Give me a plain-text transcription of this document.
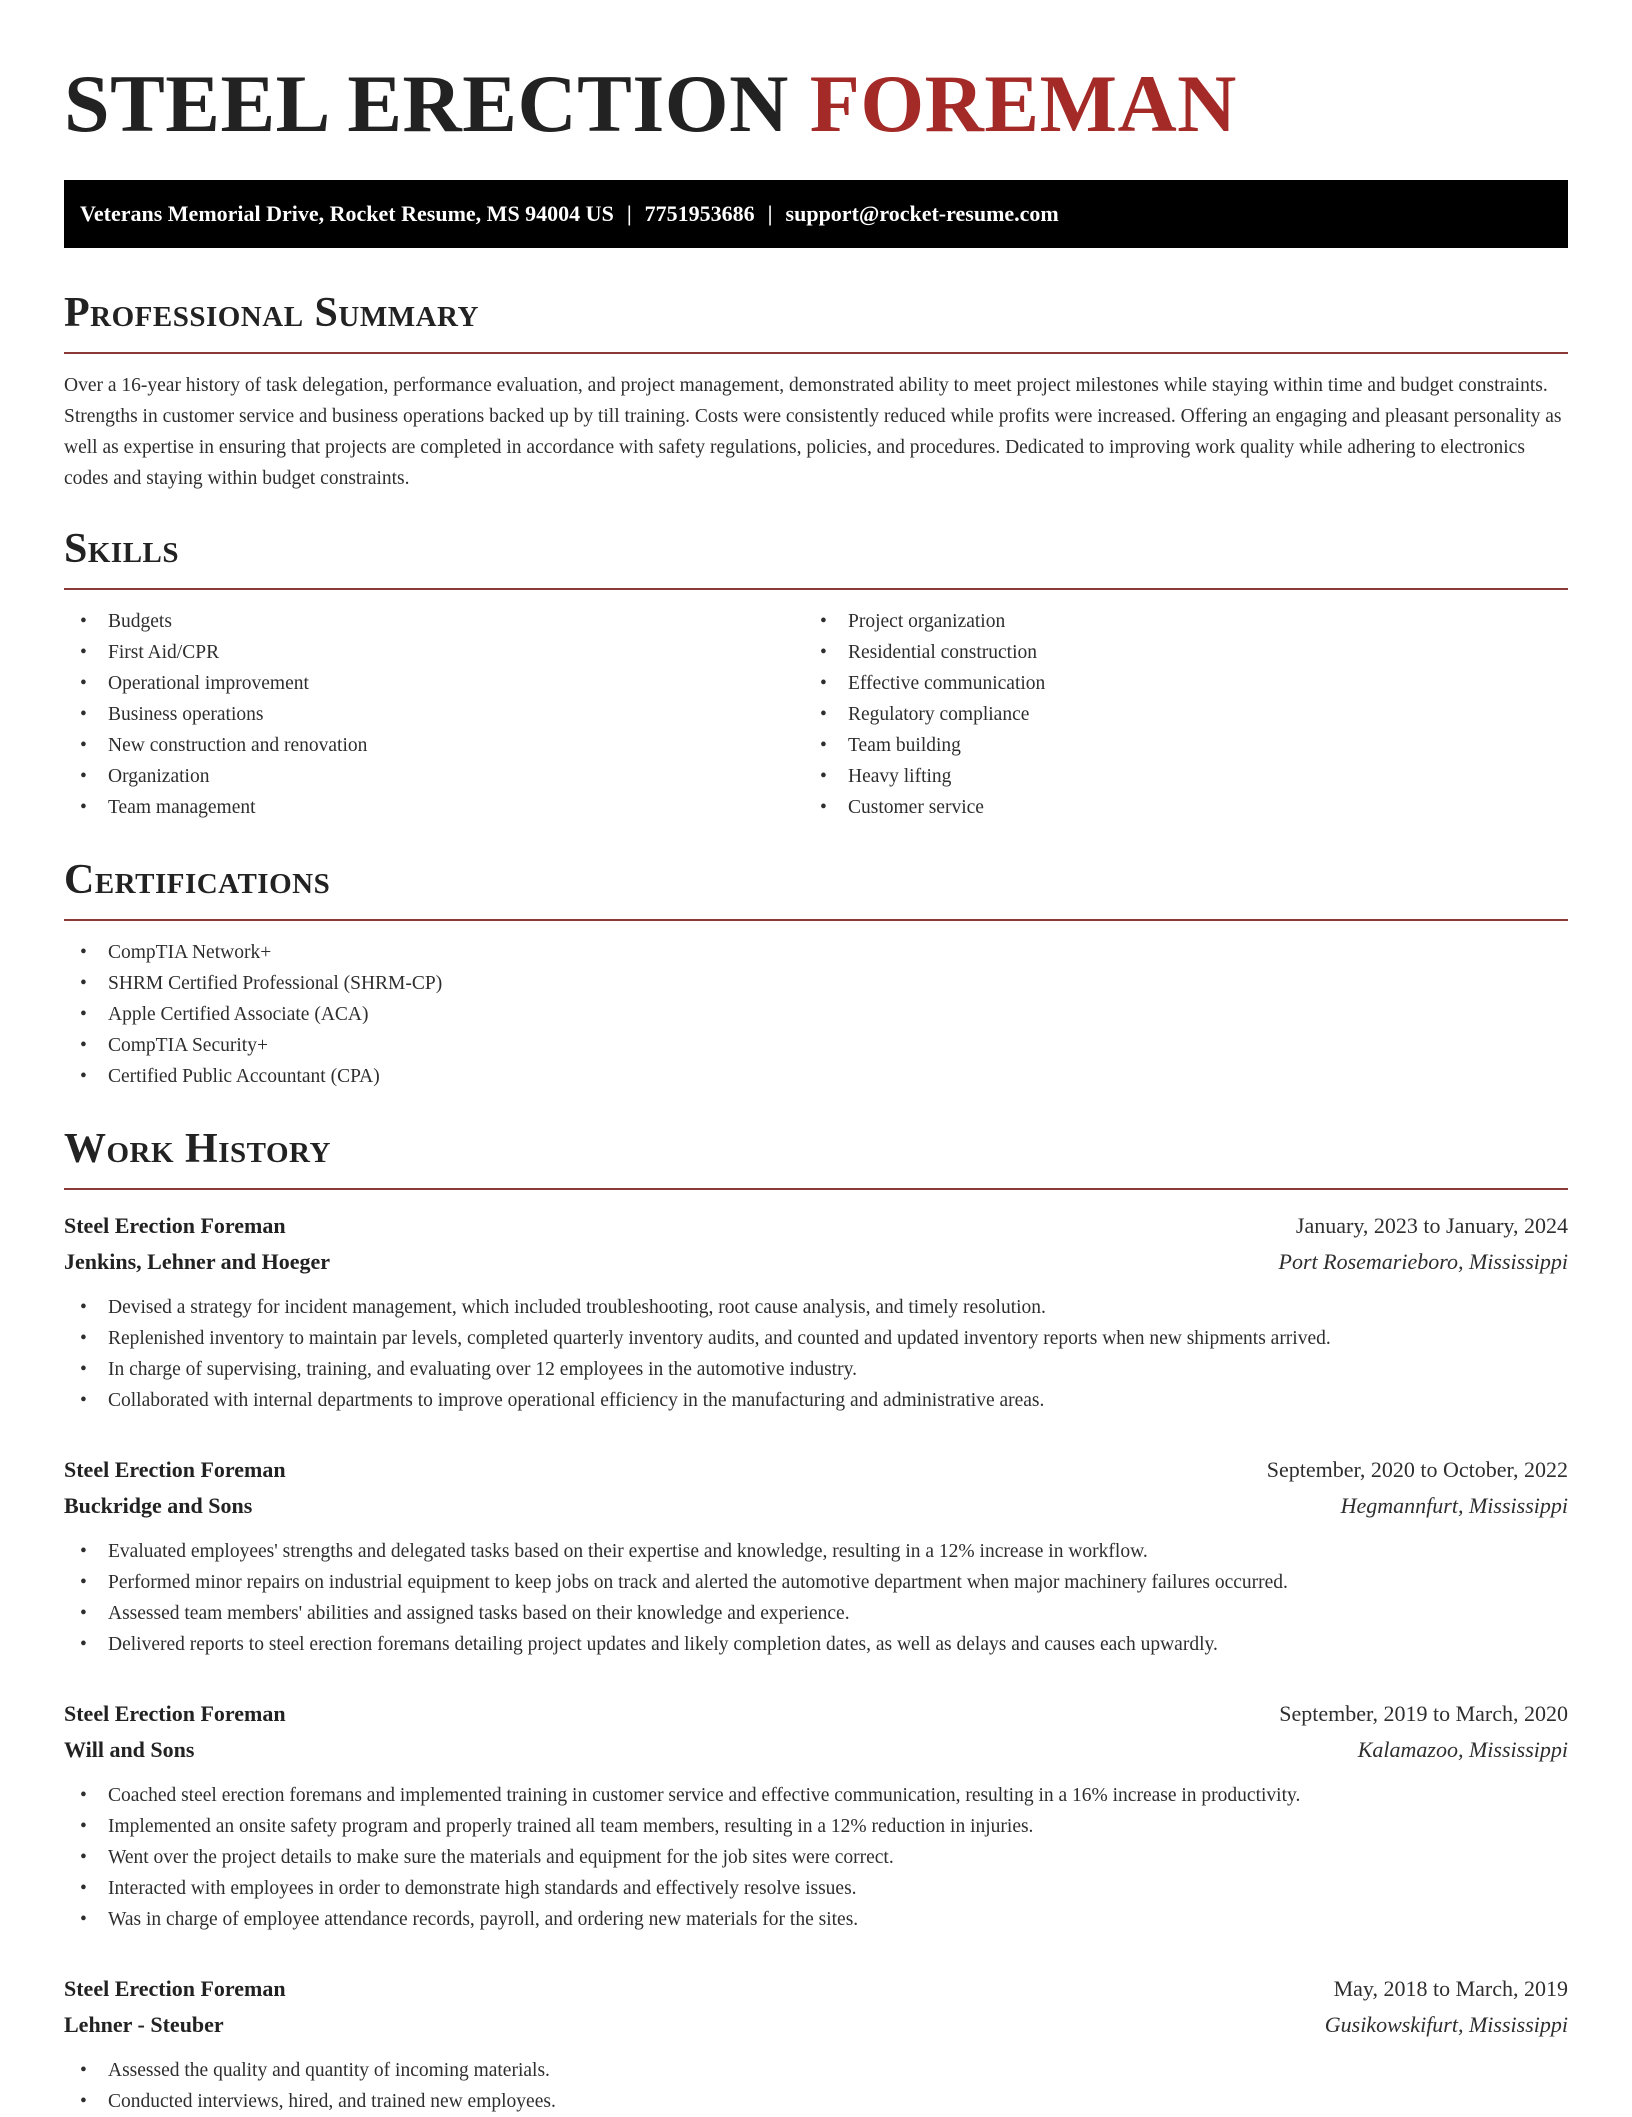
STEEL ERECTION FOREMAN
Veterans Memorial Drive, Rocket Resume, MS 94004 US | 7751953686 | support@rocket-resume.com
Professional Summary

Over a 16-year history of task delegation, performance evaluation, and project management, demonstrated ability to meet project milestones while staying within time and budget constraints. Strengths in customer service and business operations backed up by till training. Costs were consistently reduced while profits were increased. Offering an engaging and pleasant personality as well as expertise in ensuring that projects are completed in accordance with safety regulations, policies, and procedures. Dedicated to improving work quality while adhering to electronics codes and staying within budget constraints.

Skills
• Budgets
• First Aid/CPR
• Operational improvement
• Business operations
• New construction and renovation
• Organization
• Team management
• Project organization
• Residential construction
• Effective communication
• Regulatory compliance
• Team building
• Heavy lifting
• Customer service
Certifications
• CompTIA Network+
• SHRM Certified Professional (SHRM-CP)
• Apple Certified Associate (ACA)
• CompTIA Security+
• Certified Public Accountant (CPA)
Work History
Steel Erection Foreman	January, 2023 to January, 2024
Jenkins, Lehner and Hoeger	Port Rosemarieboro, Mississippi
• Devised a strategy for incident management, which included troubleshooting, root cause analysis, and timely resolution.
• Replenished inventory to maintain par levels, completed quarterly inventory audits, and counted and updated inventory reports when new shipments arrived.
• In charge of supervising, training, and evaluating over 12 employees in the automotive industry.
• Collaborated with internal departments to improve operational efficiency in the manufacturing and administrative areas.
Steel Erection Foreman	September, 2020 to October, 2022
Buckridge and Sons	Hegmannfurt, Mississippi
• Evaluated employees' strengths and delegated tasks based on their expertise and knowledge, resulting in a 12% increase in workflow.
• Performed minor repairs on industrial equipment to keep jobs on track and alerted the automotive department when major machinery failures occurred.
• Assessed team members' abilities and assigned tasks based on their knowledge and experience.
• Delivered reports to steel erection foremans detailing project updates and likely completion dates, as well as delays and causes each upwardly.
Steel Erection Foreman	September, 2019 to March, 2020
Will and Sons	Kalamazoo, Mississippi
• Coached steel erection foremans and implemented training in customer service and effective communication, resulting in a 16% increase in productivity.
• Implemented an onsite safety program and properly trained all team members, resulting in a 12% reduction in injuries.
• Went over the project details to make sure the materials and equipment for the job sites were correct.
• Interacted with employees in order to demonstrate high standards and effectively resolve issues.
• Was in charge of employee attendance records, payroll, and ordering new materials for the sites.
Steel Erection Foreman	May, 2018 to March, 2019
Lehner - Steuber	Gusikowskifurt, Mississippi
• Assessed the quality and quantity of incoming materials.
• Conducted interviews, hired, and trained new employees.
